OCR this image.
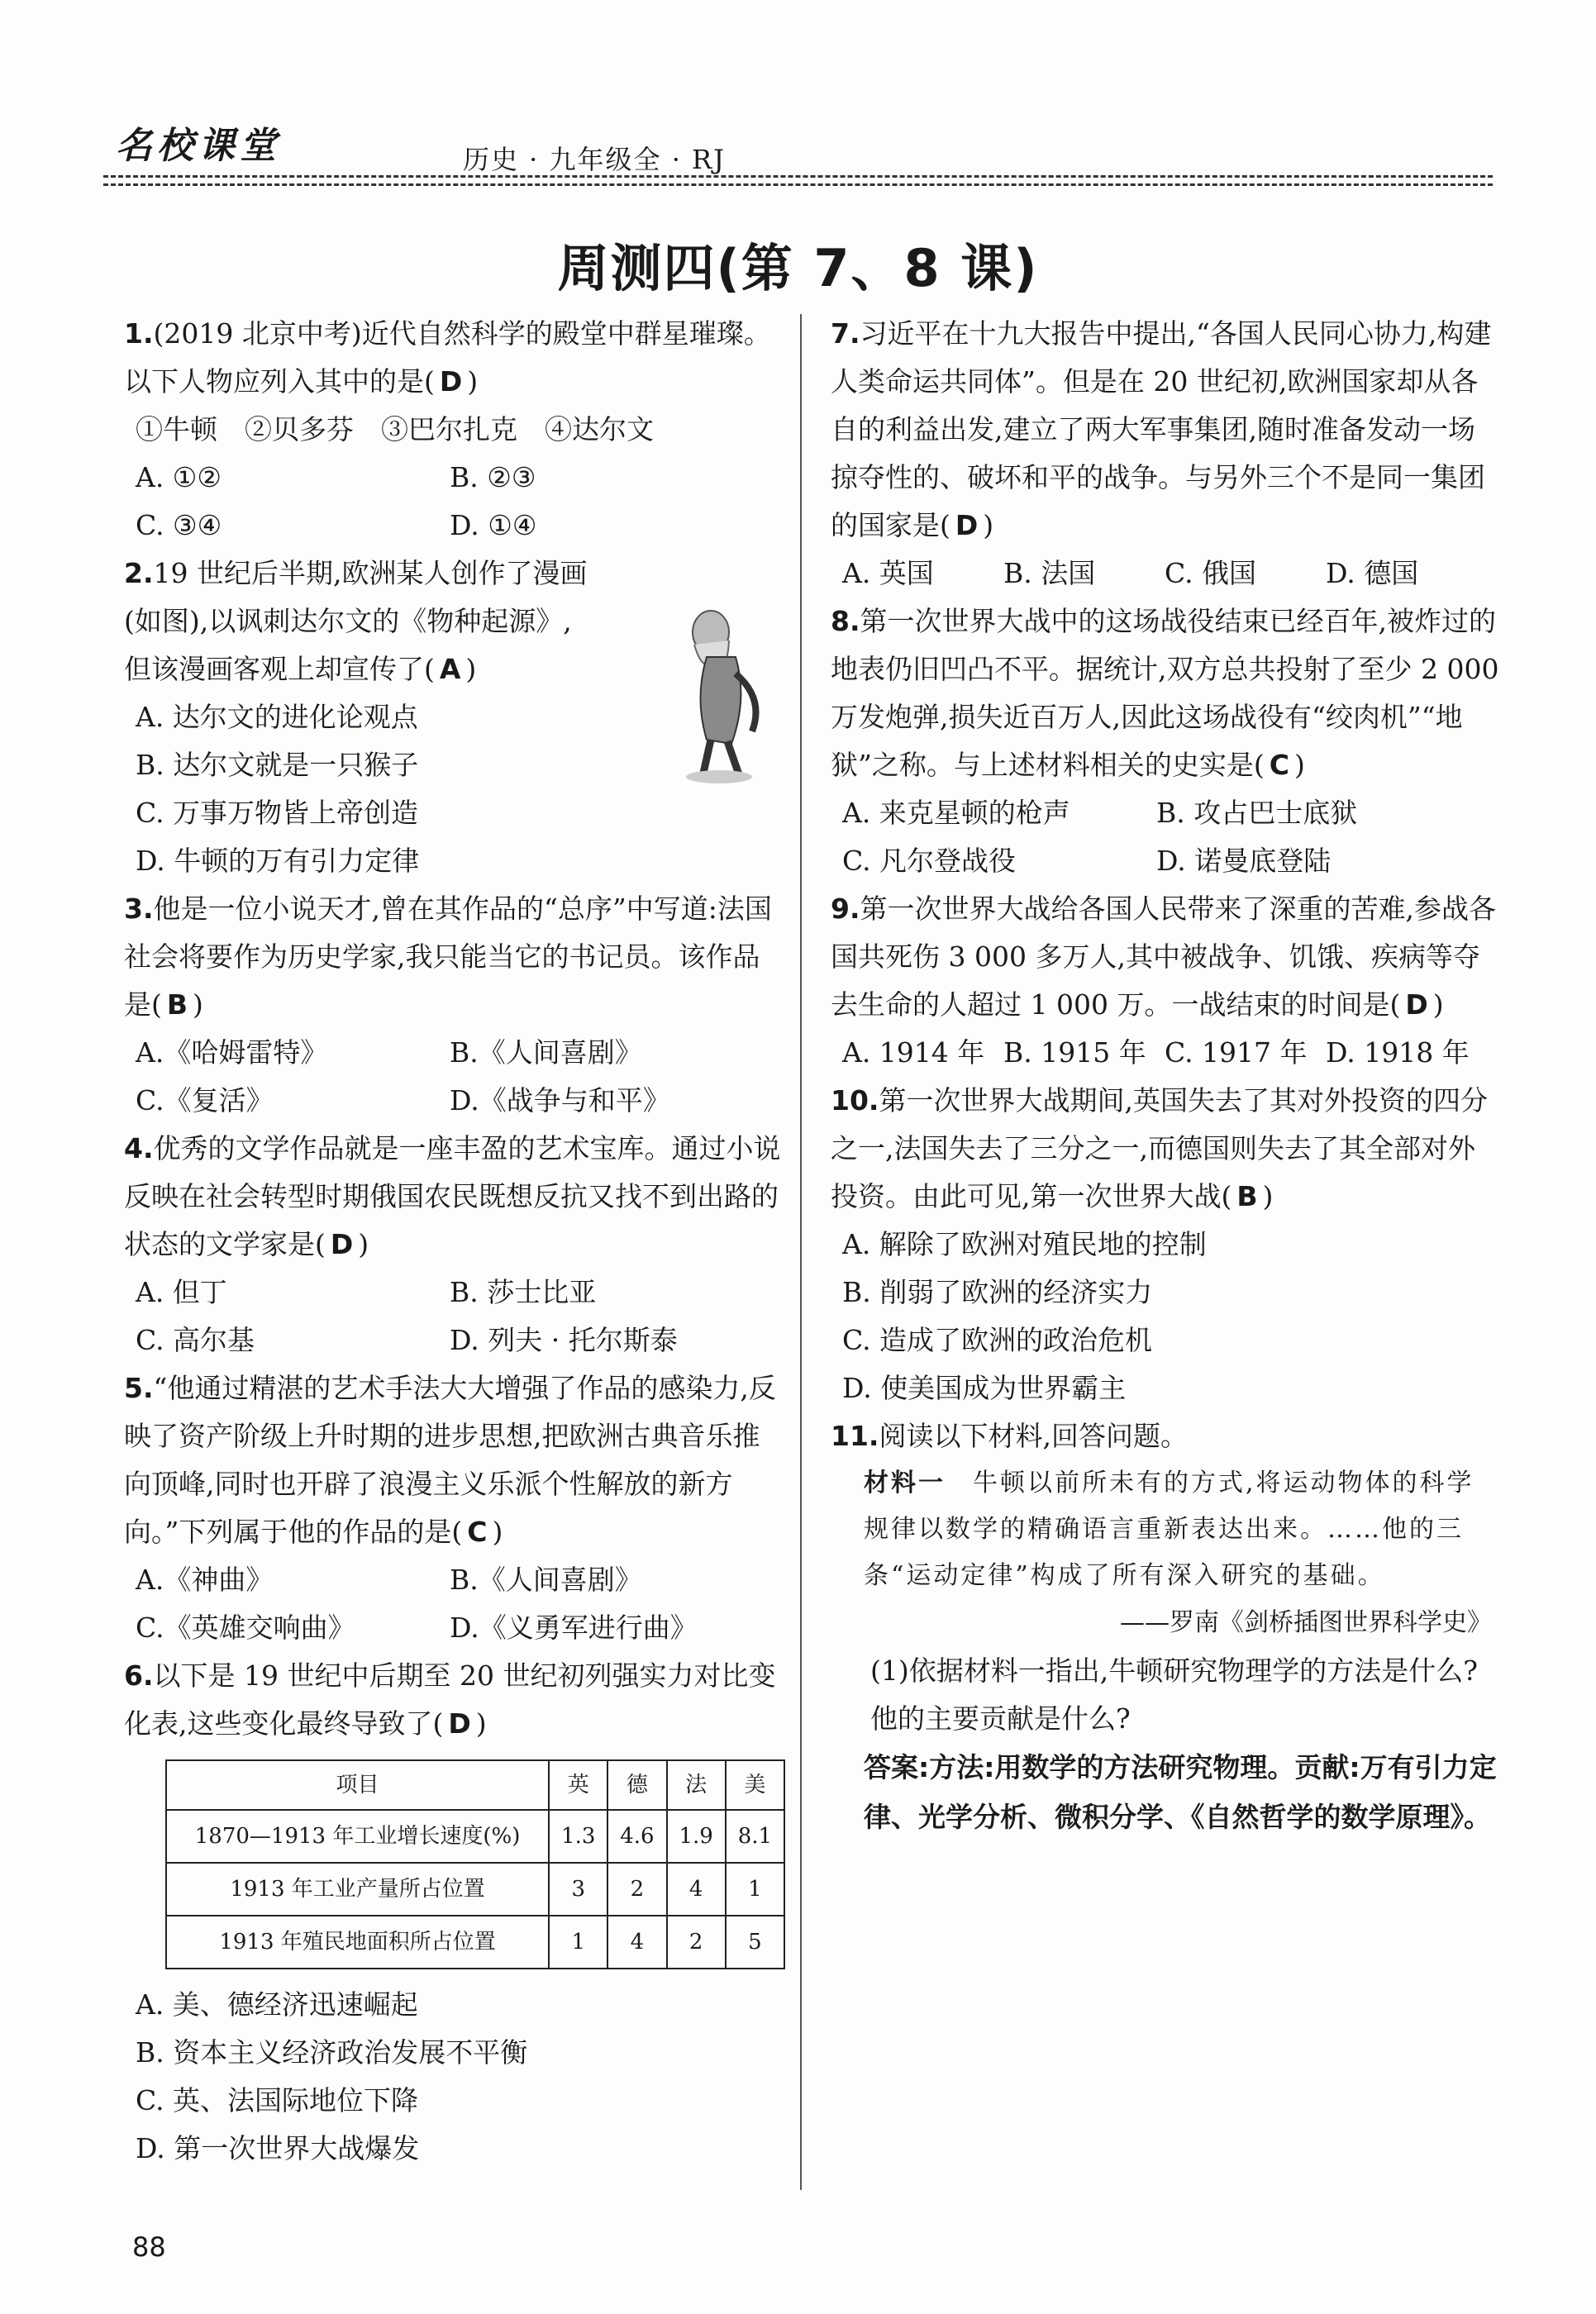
名校课堂	历史 · 九年级全 · RJ
周测四(第 7、8 课)
1.(2019 北京中考)近代自然科学的殿堂中群星璀璨。以下人物应列入其中的是( D )
①牛顿　②贝多芬　③巴尔扎克　④达尔文
A. ①②	B. ②③
C. ③④	D. ①④
2.19 世纪后半期,欧洲某人创作了漫画
(如图),以讽刺达尔文的《物种起源》,
但该漫画客观上却宣传了( A )
A. 达尔文的进化论观点
B. 达尔文就是一只猴子
C. 万事万物皆上帝创造
D. 牛顿的万有引力定律
3.他是一位小说天才,曾在其作品的“总序”中写道:法国社会将要作为历史学家,我只能当它的书记员。该作品是( B )
A.《哈姆雷特》	B.《人间喜剧》
C.《复活》	D.《战争与和平》
4.优秀的文学作品就是一座丰盈的艺术宝库。通过小说反映在社会转型时期俄国农民既想反抗又找不到出路的状态的文学家是( D )
A. 但丁	B. 莎士比亚
C. 高尔基	D. 列夫 · 托尔斯泰
5.“他通过精湛的艺术手法大大增强了作品的感染力,反映了资产阶级上升时期的进步思想,把欧洲古典音乐推向顶峰,同时也开辟了浪漫主义乐派个性解放的新方向。”下列属于他的作品的是( C )
A.《神曲》	B.《人间喜剧》
C.《英雄交响曲》	D.《义勇军进行曲》
6.以下是 19 世纪中后期至 20 世纪初列强实力对比变化表,这些变化最终导致了( D )
项目	英	德	法	美
1870—1913 年工业增长速度(%)	1.3	4.6	1.9	8.1
1913 年工业产量所占位置	3	2	4	1
1913 年殖民地面积所占位置	1	4	2	5
A. 美、德经济迅速崛起
B. 资本主义经济政治发展不平衡
C. 英、法国际地位下降
D. 第一次世界大战爆发
7.习近平在十九大报告中提出,“各国人民同心协力,构建人类命运共同体”。但是在 20 世纪初,欧洲国家却从各自的利益出发,建立了两大军事集团,随时准备发动一场掠夺性的、破坏和平的战争。与另外三个不是同一集团的国家是( D )
A. 英国	B. 法国	C. 俄国	D. 德国
8.第一次世界大战中的这场战役结束已经百年,被炸过的地表仍旧凹凸不平。据统计,双方总共投射了至少 2 000 万发炮弹,损失近百万人,因此这场战役有“绞肉机”“地狱”之称。与上述材料相关的史实是( C )
A. 来克星顿的枪声	B. 攻占巴士底狱
C. 凡尔登战役	D. 诺曼底登陆
9.第一次世界大战给各国人民带来了深重的苦难,参战各国共死伤 3 000 多万人,其中被战争、饥饿、疾病等夺去生命的人超过 1 000 万。一战结束的时间是( D )
A. 1914 年 B. 1915 年 C. 1917 年 D. 1918 年
10.第一次世界大战期间,英国失去了其对外投资的四分之一,法国失去了三分之一,而德国则失去了其全部对外投资。由此可见,第一次世界大战( B )
A. 解除了欧洲对殖民地的控制
B. 削弱了欧洲的经济实力
C. 造成了欧洲的政治危机
D. 使美国成为世界霸主
11.阅读以下材料,回答问题。
材料一　 牛顿以前所未有的方式,将运动物体的科学规律以数学的精确语言重新表达出来。……他的三条“运动定律”构成了所有深入研究的基础。
——罗南《剑桥插图世界科学史》
(1)依据材料一指出,牛顿研究物理学的方法是什么?他的主要贡献是什么?
答案:方法:用数学的方法研究物理。贡献:万有引力定律、光学分析、微积分学、《自然哲学的数学原理》。
88
